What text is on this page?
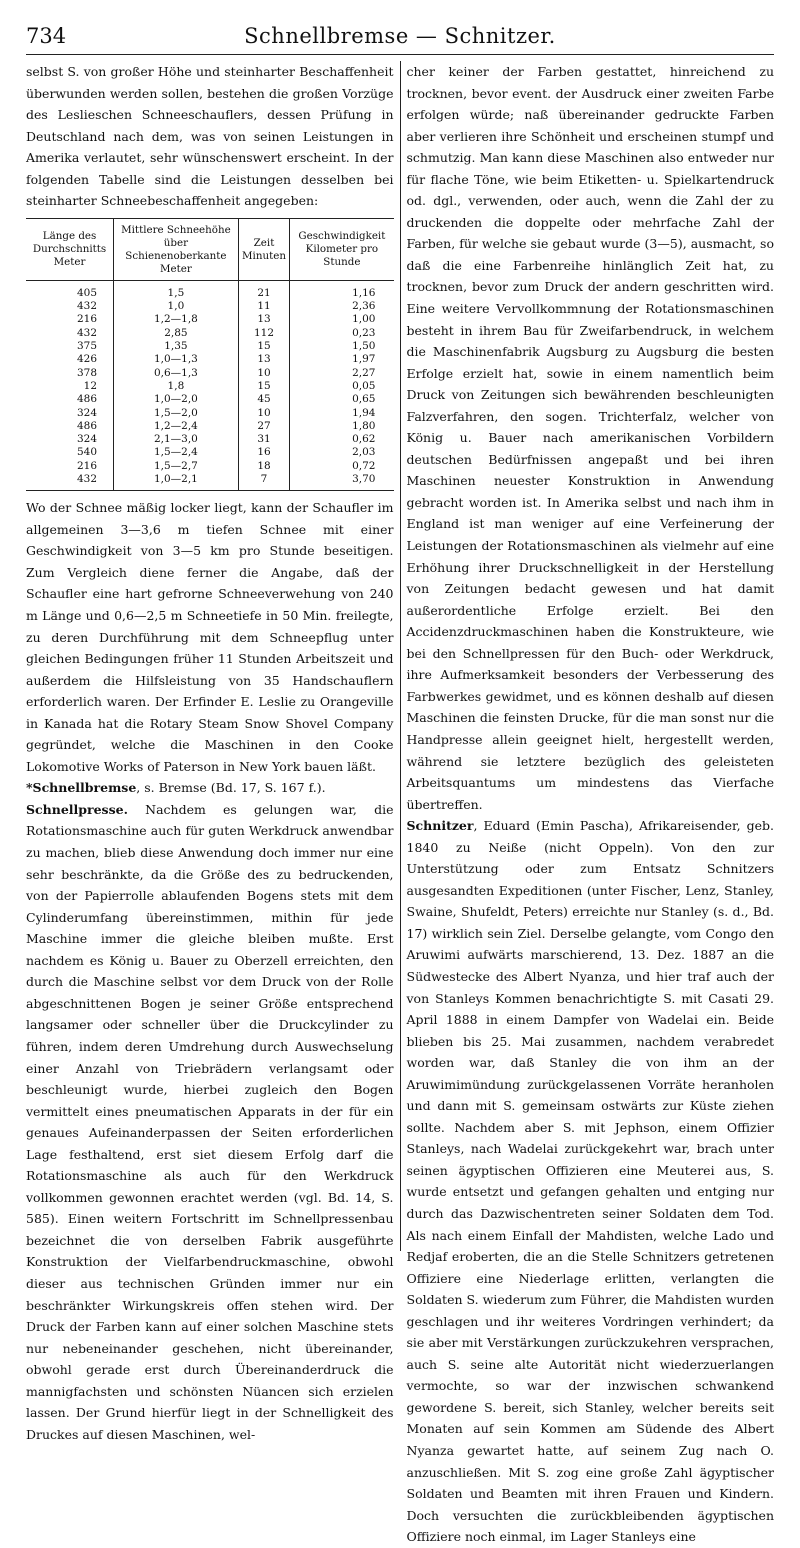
734	Schnellbremse — Schnitzer.

selbst S. von großer Höhe und steinharter Beschaffenheit überwunden werden sollen, bestehen die großen Vorzüge des Leslieschen Schneeschauflers, dessen Prüfung in Deutschland nach dem, was von seinen Leistungen in Amerika verlautet, sehr wünschenswert erscheint. In der folgenden Tabelle sind die Leistungen desselben bei steinharter Schneebeschaffenheit angegeben:

Länge des Durchschnitts Meter	Mittlere Schneehöhe über Schienenoberkante Meter	Zeit Minuten	Geschwindigkeit Kilometer pro Stunde
405	1,5	21	1,16
432	1,0	11	2,36
216	1,2—1,8	13	1,00
432	2,85	112	0,23
375	1,35	15	1,50
426	1,0—1,3	13	1,97
378	0,6—1,3	10	2,27
12	1,8	15	0,05
486	1,0—2,0	45	0,65
324	1,5—2,0	10	1,94
486	1,2—2,4	27	1,80
324	2,1—3,0	31	0,62
540	1,5—2,4	16	2,03
216	1,5—2,7	18	0,72
432	1,0—2,1	7	3,70

Wo der Schnee mäßig locker liegt, kann der Schaufler im allgemeinen 3—3,6 m tiefen Schnee mit einer Geschwindigkeit von 3—5 km pro Stunde beseitigen. Zum Vergleich diene ferner die Angabe, daß der Schaufler eine hart gefrorne Schneeverwehung von 240 m Länge und 0,6—2,5 m Schneetiefe in 50 Min. freilegte, zu deren Durchführung mit dem Schneepflug unter gleichen Bedingungen früher 11 Stunden Arbeitszeit und außerdem die Hilfsleistung von 35 Handschauflern erforderlich waren. Der Erfinder E. Leslie zu Orangeville in Kanada hat die Rotary Steam Snow Shovel Company gegründet, welche die Maschinen in den Cooke Lokomotive Works of Paterson in New York bauen läßt.

*Schnellbremse, s. Bremse (Bd. 17, S. 167 f.).

Schnellpresse. Nachdem es gelungen war, die Rotationsmaschine auch für guten Werkdruck anwendbar zu machen, blieb diese Anwendung doch immer nur eine sehr beschränkte, da die Größe des zu bedruckenden, von der Papierrolle ablaufenden Bogens stets mit dem Cylinderumfang übereinstimmen, mithin für jede Maschine immer die gleiche bleiben mußte. Erst nachdem es König u. Bauer zu Oberzell erreichten, den durch die Maschine selbst vor dem Druck von der Rolle abgeschnittenen Bogen je seiner Größe entsprechend langsamer oder schneller über die Druckcylinder zu führen, indem deren Umdrehung durch Auswechselung einer Anzahl von Triebrädern verlangsamt oder beschleunigt wurde, hierbei zugleich den Bogen vermittelt eines pneumatischen Apparats in der für ein genaues Aufeinanderpassen der Seiten erforderlichen Lage festhaltend, erst siet diesem Erfolg darf die Rotationsmaschine als auch für den Werkdruck vollkommen gewonnen erachtet werden (vgl. Bd. 14, S. 585). Einen weitern Fortschritt im Schnellpressenbau bezeichnet die von derselben Fabrik ausgeführte Konstruktion der Vielfarbendruckmaschine, obwohl dieser aus technischen Gründen immer nur ein beschränkter Wirkungskreis offen stehen wird. Der Druck der Farben kann auf einer solchen Maschine stets nur nebeneinander geschehen, nicht übereinander, obwohl gerade erst durch Übereinanderdruck die mannigfachsten und schönsten Nüancen sich erzielen lassen. Der Grund hierfür liegt in der Schnelligkeit des Druckes auf diesen Maschinen, wel-

cher keiner der Farben gestattet, hinreichend zu trocknen, bevor event. der Ausdruck einer zweiten Farbe erfolgen würde; naß übereinander gedruckte Farben aber verlieren ihre Schönheit und erscheinen stumpf und schmutzig. Man kann diese Maschinen also entweder nur für flache Töne, wie beim Etiketten- u. Spielkartendruck od. dgl., verwenden, oder auch, wenn die Zahl der zu druckenden die doppelte oder mehrfache Zahl der Farben, für welche sie gebaut wurde (3—5), ausmacht, so daß die eine Farbenreihe hinlänglich Zeit hat, zu trocknen, bevor zum Druck der andern geschritten wird. Eine weitere Vervollkommnung der Rotationsmaschinen besteht in ihrem Bau für Zweifarbendruck, in welchem die Maschinenfabrik Augsburg zu Augsburg die besten Erfolge erzielt hat, sowie in einem namentlich beim Druck von Zeitungen sich bewährenden beschleunigten Falzverfahren, den sogen. Trichterfalz, welcher von König u. Bauer nach amerikanischen Vorbildern deutschen Bedürfnissen angepaßt und bei ihren Maschinen neuester Konstruktion in Anwendung gebracht worden ist. In Amerika selbst und nach ihm in England ist man weniger auf eine Verfeinerung der Leistungen der Rotationsmaschinen als vielmehr auf eine Erhöhung ihrer Druckschnelligkeit in der Herstellung von Zeitungen bedacht gewesen und hat damit außerordentliche Erfolge erzielt. Bei den Accidenzdruckmaschinen haben die Konstrukteure, wie bei den Schnellpressen für den Buch- oder Werkdruck, ihre Aufmerksamkeit besonders der Verbesserung des Farbwerkes gewidmet, und es können deshalb auf diesen Maschinen die feinsten Drucke, für die man sonst nur die Handpresse allein geeignet hielt, hergestellt werden, während sie letztere bezüglich des geleisteten Arbeitsquantums um mindestens das Vierfache übertreffen.

Schnitzer, Eduard (Emin Pascha), Afrikareisender, geb. 1840 zu Neiße (nicht Oppeln). Von den zur Unterstützung oder zum Entsatz Schnitzers ausgesandten Expeditionen (unter Fischer, Lenz, Stanley, Swaine, Shufeldt, Peters) erreichte nur Stanley (s. d., Bd. 17) wirklich sein Ziel. Derselbe gelangte, vom Congo den Aruwimi aufwärts marschierend, 13. Dez. 1887 an die Südwestecke des Albert Nyanza, und hier traf auch der von Stanleys Kommen benachrichtigte S. mit Casati 29. April 1888 in einem Dampfer von Wadelai ein. Beide blieben bis 25. Mai zusammen, nachdem verabredet worden war, daß Stanley die von ihm an der Aruwimimündung zurückgelassenen Vorräte heranholen und dann mit S. gemeinsam ostwärts zur Küste ziehen sollte. Nachdem aber S. mit Jephson, einem Offizier Stanleys, nach Wadelai zurückgekehrt war, brach unter seinen ägyptischen Offizieren eine Meuterei aus, S. wurde entsetzt und gefangen gehalten und entging nur durch das Dazwischentreten seiner Soldaten dem Tod. Als nach einem Einfall der Mahdisten, welche Lado und Redjaf eroberten, die an die Stelle Schnitzers getretenen Offiziere eine Niederlage erlitten, verlangten die Soldaten S. wiederum zum Führer, die Mahdisten wurden geschlagen und ihr weiteres Vordringen verhindert; da sie aber mit Verstärkungen zurückzukehren versprachen, auch S. seine alte Autorität nicht wiederzuerlangen vermochte, so war der inzwischen schwankend gewordene S. bereit, sich Stanley, welcher bereits seit Monaten auf sein Kommen am Südende des Albert Nyanza gewartet hatte, auf seinem Zug nach O. anzuschließen. Mit S. zog eine große Zahl ägyptischer Soldaten und Beamten mit ihren Frauen und Kindern. Doch versuchten die zurückbleibenden ägyptischen Offiziere noch einmal, im Lager Stanleys eine
